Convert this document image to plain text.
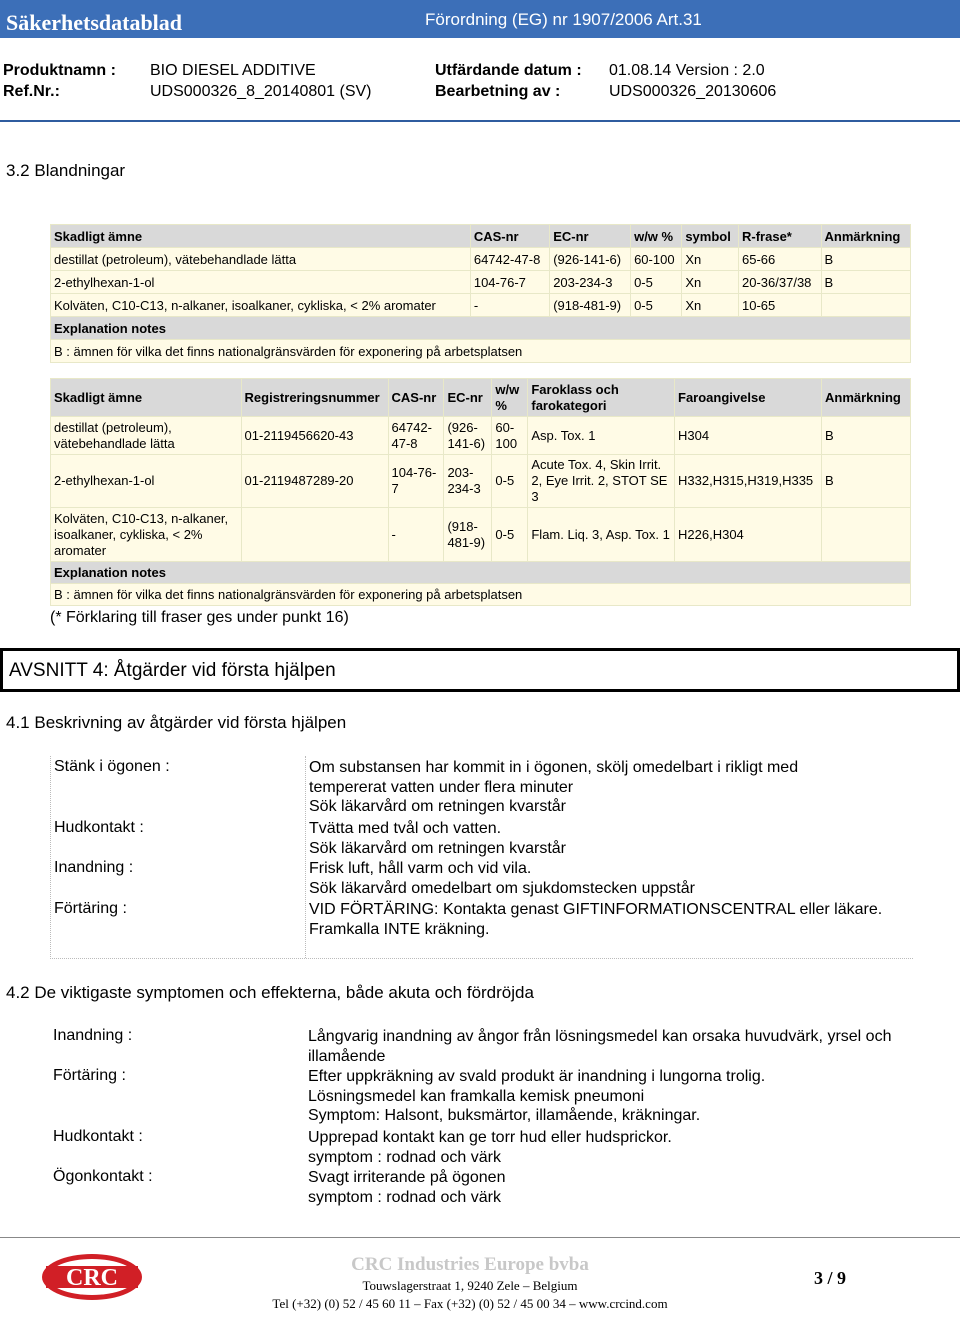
Säkerhetsdatablad	Förordning (EG) nr 1907/2006 Art.31
Produktnamn : BIO DIESEL ADDITIVE	Utfärdande datum : 01.08.14 Version : 2.0
Ref.Nr.:	UDS000326_8_20140801 (SV)	Bearbetning av :	UDS000326_20130606
3.2 Blandningar
Skadligt ämne	CAS-nr	EC-nr	w/w %	symbol	R-frase*	Anmärkning
destillat (petroleum), vätebehandlade lätta	64742-47-8	(926-141-6)	60-100	Xn	65-66	B
2-ethylhexan-1-ol	104-76-7	203-234-3	0-5	Xn	20-36/37/38	B
Kolväten, C10-C13, n-alkaner, isoalkaner, cykliska, < 2% aromater	-	(918-481-9)	0-5	Xn	10-65	
Explanation notes						
B : ämnen för vilka det finns nationalgränsvärden för exponering på arbetsplatsen						
Skadligt ämne	Registreringsnummer	CAS-nr	EC-nr	w/w %	Faroklass och farokategori	Faroangivelse	Anmärkning
destillat (petroleum), vätebehandlade lätta	01-2119456620-43	64742-47-8	(926-141-6)	60-100	Asp. Tox. 1	H304	B
2-ethylhexan-1-ol	01-2119487289-20	104-76-7	203-234-3	0-5	Acute Tox. 4, Skin Irrit. 2, Eye Irrit. 2, STOT SE 3	H332,H315,H319,H335	B
Kolväten, C10-C13, n-alkaner, isoalkaner, cykliska, < 2% aromater		-	(918-481-9)	0-5	Flam. Liq. 3, Asp. Tox. 1	H226,H304	
Explanation notes							
B : ämnen för vilka det finns nationalgränsvärden för exponering på arbetsplatsen							
(* Förklaring till fraser ges under punkt 16)
AVSNITT 4: Åtgärder vid första hjälpen
4.1 Beskrivning av åtgärder vid första hjälpen
Stänk i ögonen :	Om substansen har kommit in i ögonen, skölj omedelbart i rikligt med tempererat vatten under flera minuter
Sök läkarvård om retningen kvarstår
Hudkontakt :	Tvätta med tvål och vatten.
Sök läkarvård om retningen kvarstår
Inandning :	Frisk luft, håll varm och vid vila.
Sök läkarvård omedelbart om sjukdomstecken uppstår
Förtäring :	VID FÖRTÄRING: Kontakta genast GIFTINFORMATIONSCENTRAL eller läkare.
Framkalla INTE kräkning.
4.2 De viktigaste symptomen och effekterna, både akuta och fördröjda
Inandning :	Långvarig inandning av ångor från lösningsmedel kan orsaka huvudvärk, yrsel och illamående
Förtäring :	Efter uppkräkning av svald produkt är inandning i lungorna trolig.
Lösningsmedel kan framkalla kemisk pneumoni
Symptom: Halsont, buksmärtor, illamående, kräkningar.
Hudkontakt :	Upprepad kontakt kan ge torr hud eller hudsprickor.
symptom : rodnad och värk
Ögonkontakt :	Svagt irriterande på ögonen
symptom : rodnad och värk
CRC
CRC Industries Europe bvba
Touwslagerstraat 1, 9240 Zele – Belgium
Tel (+32) (0) 52 / 45 60 11 – Fax (+32) (0) 52 / 45 00 34 – www.crcind.com
3 / 9
